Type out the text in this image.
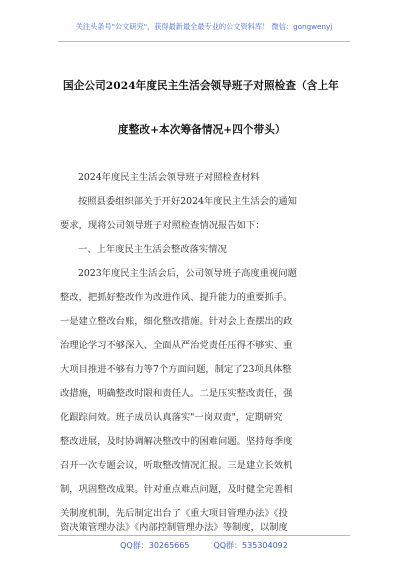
关注头条号"公文研究"，获得最新最全最专业的公文资料库！ 微信：gongwenyj
国企公司2024年度民主生活会领导班子对照检查（含上年
度整改+本次筹备情况+四个带头）
2024年度民主生活会领导班子对照检查材料
按照县委组织部关于开好2024年度民主生活会的通知
要求，现将公司领导班子对照检查情况报告如下：
一、上年度民主生活会整改落实情况
2023年度民主生活会后，公司领导班子高度重视问题
整改，把抓好整改作为改进作风、提升能力的重要抓手。
一是建立整改台账，细化整改措施。针对会上查摆出的政
治理论学习不够深入、全面从严治党责任压得不够实、重
大项目推进不够有力等7个方面问题，制定了23项具体整
改措施，明确整改时限和责任人。二是压实整改责任，强
化跟踪问效。班子成员认真落实"一岗双责"，定期研究
整改进展，及时协调解决整改中的困难问题。坚持每季度
召开一次专题会议，听取整改情况汇报。三是建立长效机
制，巩固整改成果。针对重点难点问题，及时健全完善相
关制度机制，先后制定出台了《重大项目管理办法》《投
资决策管理办法》《内部控制管理办法》等制度，以制度
QQ群：30265665	QQ群：535304092
